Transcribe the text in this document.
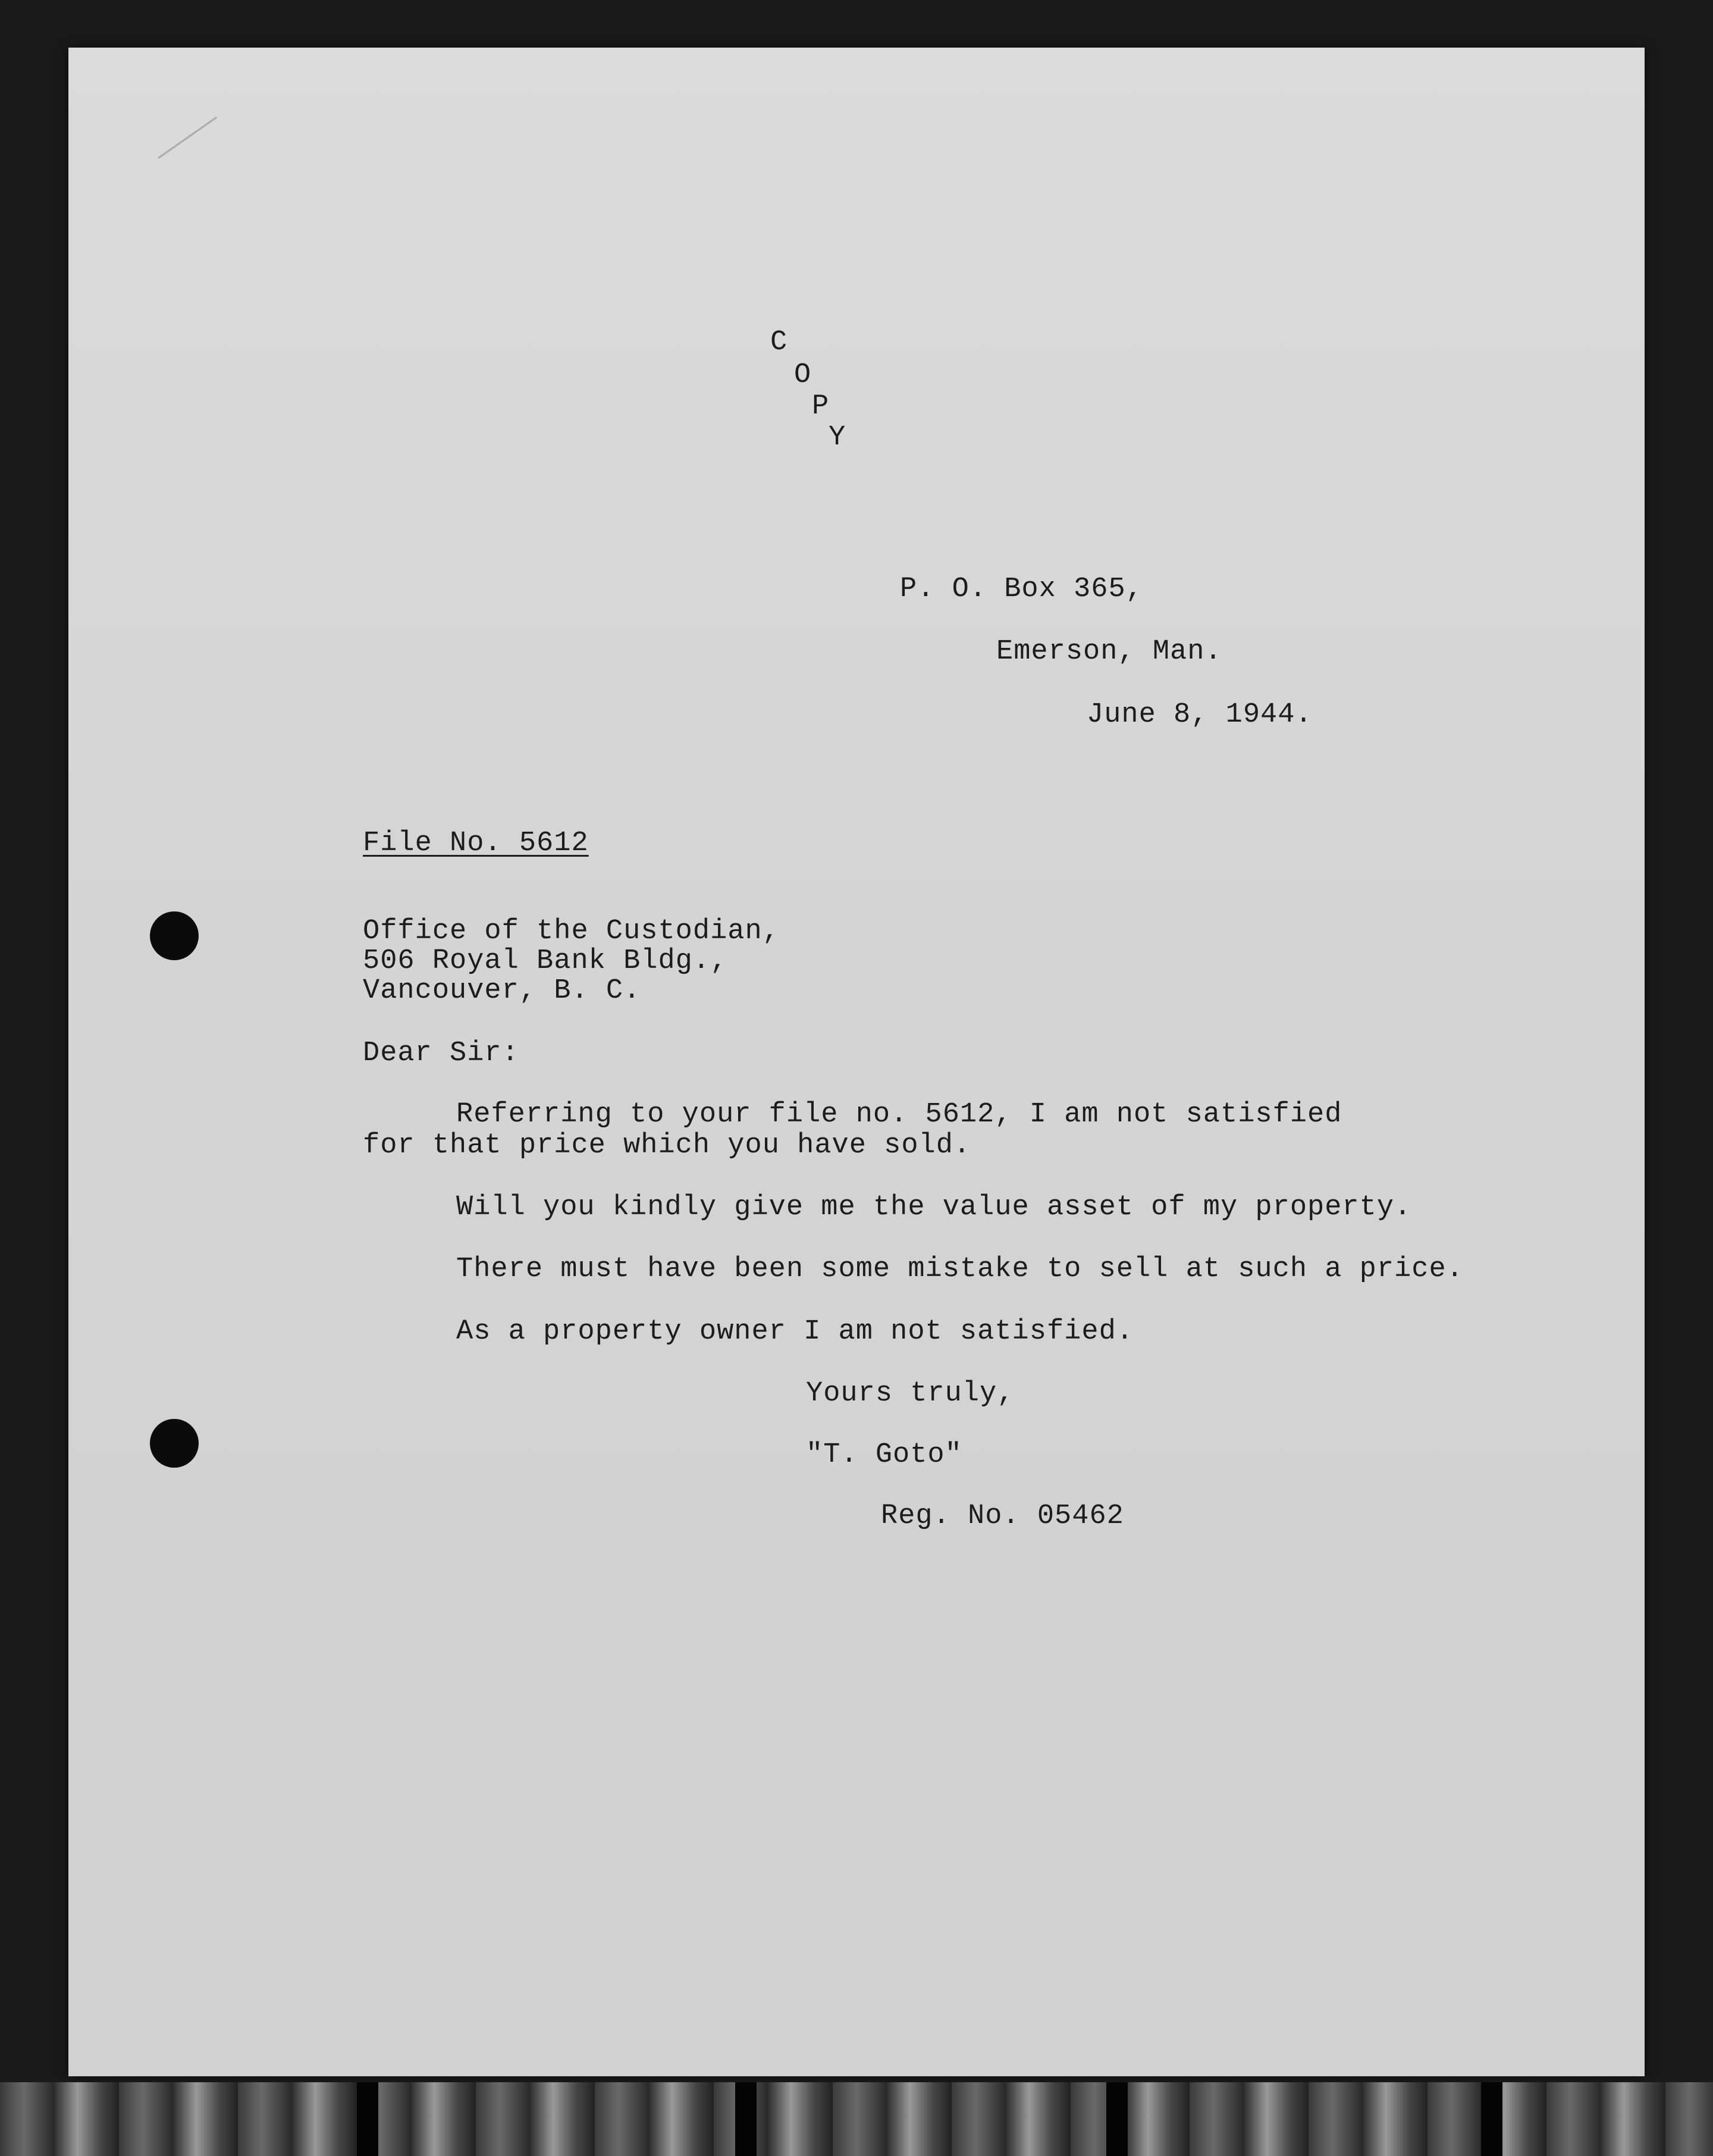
C
O
P
Y
P. O. Box 365,
Emerson, Man.
June 8, 1944.
File No. 5612
Office of the Custodian,
506 Royal Bank Bldg.,
Vancouver, B. C.
Dear Sir:
Referring to your file no. 5612, I am not satisfied
for that price which you have sold.
Will you kindly give me the value asset of my property.
There must have been some mistake to sell at such a price.
As a property owner I am not satisfied.
Yours truly,
"T. Goto"
Reg. No. 05462
